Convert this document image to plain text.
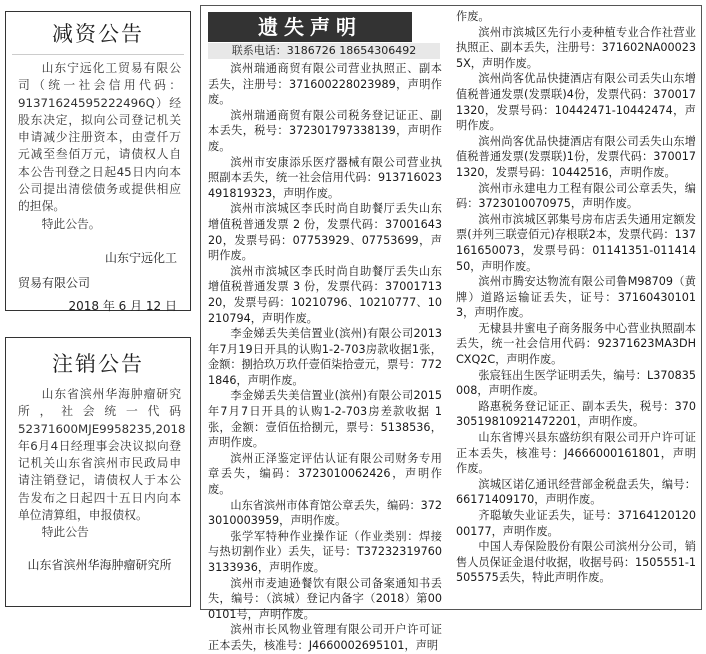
减资公告

山东宁远化工贸易有限公司（统一社会信用代码：91371624595222496Q）经股东决定，拟向公司登记机关申请减少注册资本，由壹仟万元减至叁佰万元，请债权人自本公告刊登之日起45日内向本公司提出清偿债务或提供相应的担保。

特此公告。

山东宁远化工
贸易有限公司
2018 年 6 月 12 日
注销公告

山东省滨州华海肿瘤研究所，社会统一代码52371600MJE9958235,2018年6月4日经理事会决议拟向登记机关山东省滨州市民政局申请注销登记，请债权人于本公告发布之日起四十五日内向本单位清算组，申报债权。

特此公告

山东省滨州华海肿瘤研究所
遗失声明
联系电话：3186726 18654306492
滨州瑞通商贸有限公司营业执照正、副本丢失，注册号：371600228023989，声明作废。
滨州瑞通商贸有限公司税务登记证正、副本丢失，税号：372301797338139，声明作废。
滨州市安康添乐医疗器械有限公司营业执照副本丢失，统一社会信用代码：913716023491819323，声明作废。
滨州市滨城区李氏时尚自助餐厅丢失山东增值税普通发票 2 份，发票代码：3700164320，发票号码：07753929、07753699，声明作废。
滨州市滨城区李氏时尚自助餐厅丢失山东增值税普通发票 3 份，发票代码：3700171320，发票号码：10210796、10210777、10210794，声明作废。
李金娣丢失美信置业(滨州)有限公司2013年7月19日开具的认购1-2-703房款收据1张，金额：捌拾玖万玖仟壹佰柒拾壹元，票号：7721846，声明作废。
李金娣丢失美信置业(滨州)有限公司2015年7月7日开具的认购1-2-703房差款收据 1 张，金额：壹佰伍拾捌元，票号：5138536，声明作废。
滨州正泽鉴定评估认证有限公司财务专用章丢失，编码：3723010062426，声明作废。
山东省滨州市体育馆公章丢失，编码：3723010003959，声明作废。
张学军特种作业操作证（作业类别：焊接与热切割作业）丢失，证号：T372323197603133936，声明作废。
滨州市麦迪逊餐饮有限公司备案通知书丢失，编号：（滨城）登记内备字（2018）第000101号，声明作废。
滨州市长风物业管理有限公司开户许可证正本丢失，核准号：J4660002695101，声明
作废。
滨州市滨城区先行小麦种植专业合作社营业执照正、副本丢失，注册号：371602NA000235X，声明作废。
滨州尚客优品快捷酒店有限公司丢失山东增值税普通发票(发票联)4份，发票代码：3700171320，发票号码：10442471-10442474，声明作废。
滨州尚客优品快捷酒店有限公司丢失山东增值税普通发票(发票联)1份，发票代码：3700171320，发票号码：10442516，声明作废。
滨州市永建电力工程有限公司公章丢失，编码：3723010070975，声明作废。
滨州市滨城区郭集号房布店丢失通用定额发票(并列三联壹佰元)存根联2本，发票代码：137161650073，发票号码：01141351-01141450，声明作废。
滨州市腾安达物流有限公司鲁M98709（黄牌）道路运输证丢失，证号：371604301013，声明作废。
无棣县井蜜电子商务服务中心营业执照副本丢失，统一社会信用代码：92371623MA3DHCXQ2C，声明作废。
张宸钰出生医学证明丢失，编号：L370835008，声明作废。
路惠税务登记证正、副本丢失，税号：37030519810921472201，声明作废。
山东省博兴县东盛纺织有限公司开户许可证正本丢失，核准号：J4666000161801，声明作废。
滨城区诺亿通讯经营部金税盘丢失，编号：66171409170，声明作废。
齐聪敏失业证丢失，证号：3716412012000177，声明作废。
中国人寿保险股份有限公司滨州分公司，销售人员保证金退付收据，收据号码：1505551-1505575丢失，特此声明作废。
